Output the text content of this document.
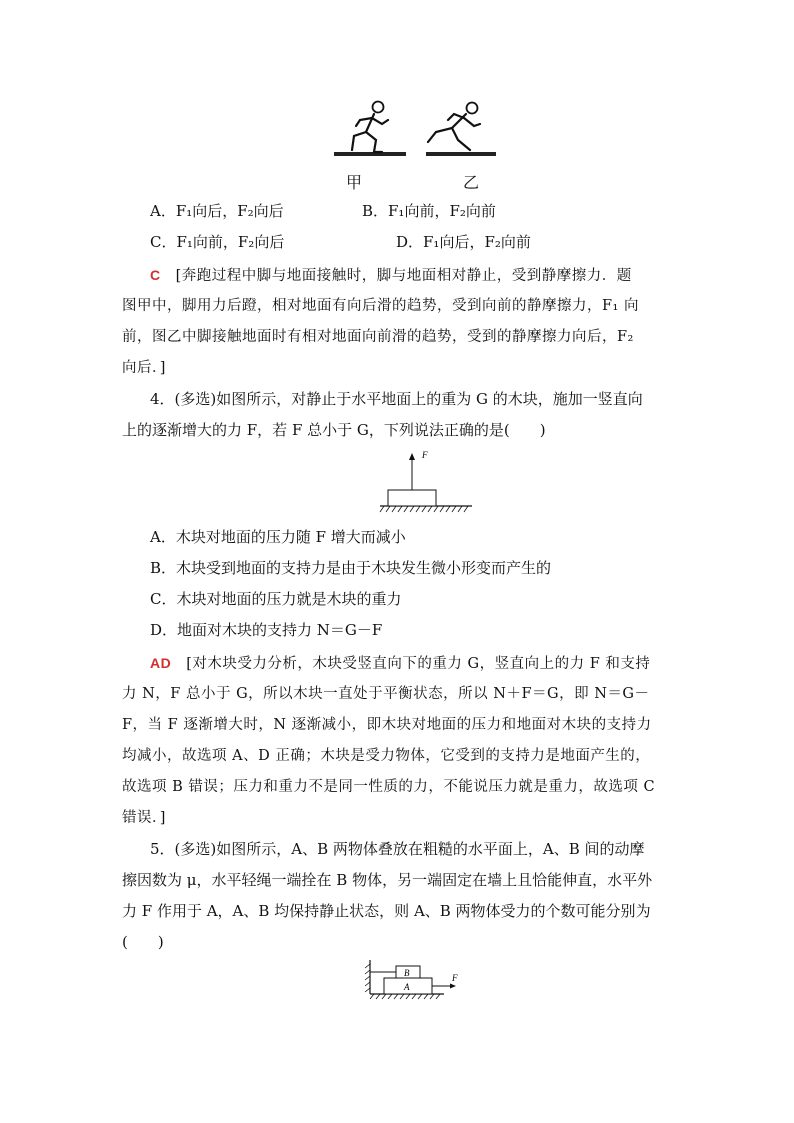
甲	乙
A．F₁向后，F₂向后	B．F₁向前，F₂向前
C．F₁向前，F₂向后	D．F₁向后，F₂向前
C　 [奔跑过程中脚与地面接触时，脚与地面相对静止，受到静摩擦力．题
图甲中，脚用力后蹬，相对地面有向后滑的趋势，受到向前的静摩擦力，F₁ 向
前，图乙中脚接触地面时有相对地面向前滑的趋势，受到的静摩擦力向后，F₂
向后．]
4．(多选)如图所示，对静止于水平地面上的重为 G 的木块，施加一竖直向
上的逐渐增大的力 F，若 F 总小于 G，下列说法正确的是(　　)
F
A．木块对地面的压力随 F 增大而减小
B．木块受到地面的支持力是由于木块发生微小形变而产生的
C．木块对地面的压力就是木块的重力
D．地面对木块的支持力 N＝G－F
AD　 [对木块受力分析，木块受竖直向下的重力 G，竖直向上的力 F 和支持
力 N，F 总小于 G，所以木块一直处于平衡状态，所以 N＋F＝G，即 N＝G－
F，当 F 逐渐增大时，N 逐渐减小，即木块对地面的压力和地面对木块的支持力
均减小，故选项 A、D 正确；木块是受力物体，它受到的支持力是地面产生的，
故选项 B 错误；压力和重力不是同一性质的力，不能说压力就是重力，故选项 C
错误．]
5．(多选)如图所示，A、B 两物体叠放在粗糙的水平面上，A、B 间的动摩
擦因数为 μ，水平轻绳一端拴在 B 物体，另一端固定在墙上且恰能伸直，水平外
力 F 作用于 A，A、B 均保持静止状态，则 A、B 两物体受力的个数可能分别为
(　　)
B
A
F
